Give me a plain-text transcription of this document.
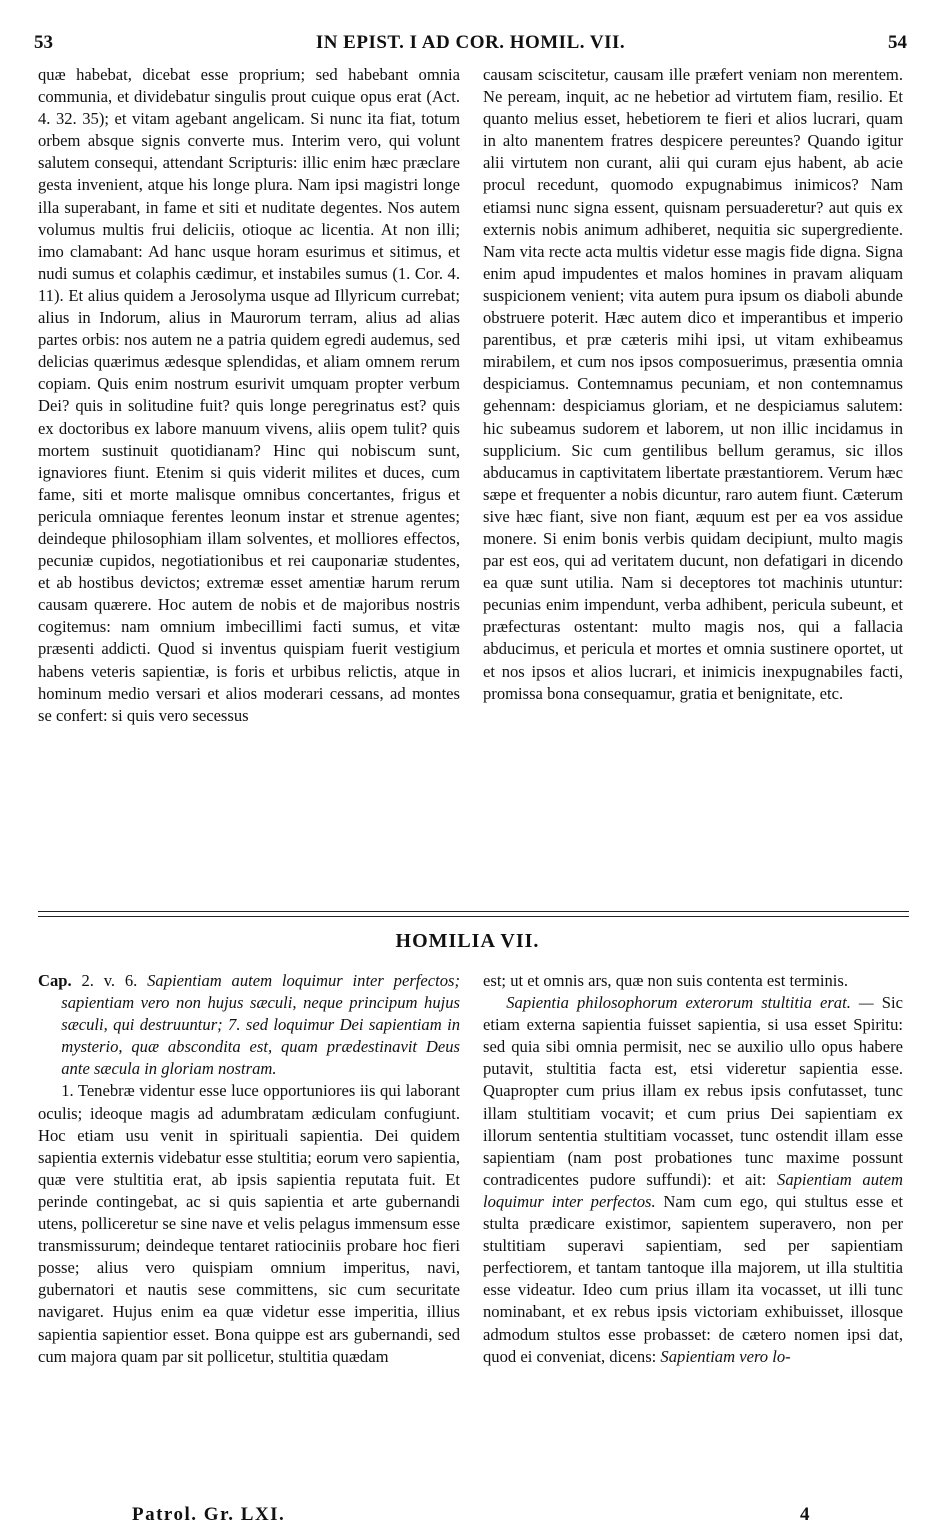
53	IN EPIST. I AD COR. HOMIL. VII.	54

quæ habebat, dicebat esse proprium; sed habebant omnia communia, et dividebatur singulis prout cuique opus erat (Act. 4. 32. 35); et vitam agebant angelicam. Si nunc ita fiat, totum orbem absque signis converte mus. Interim vero, qui volunt salutem consequi, attendant Scripturis: illic enim hæc præclare gesta invenient, atque his longe plura. Nam ipsi magistri longe illa superabant, in fame et siti et nuditate degentes. Nos autem volumus multis frui deliciis, otioque ac licentia. At non illi; imo clamabant: Ad hanc usque horam esurimus et sitimus, et nudi sumus et colaphis cædimur, et instabiles sumus (1. Cor. 4. 11). Et alius quidem a Jerosolyma usque ad Illyricum currebat; alius in Indorum, alius in Maurorum terram, alius ad alias partes orbis: nos autem ne a patria quidem egredi audemus, sed delicias quærimus ædesque splendidas, et aliam omnem rerum copiam. Quis enim nostrum esurivit umquam propter verbum Dei? quis in solitudine fuit? quis longe peregrinatus est? quis ex doctoribus ex labore manuum vivens, aliis opem tulit? quis mortem sustinuit quotidianam? Hinc qui nobiscum sunt, ignaviores fiunt. Etenim si quis viderit milites et duces, cum fame, siti et morte malisque omnibus concertantes, frigus et pericula omniaque ferentes leonum instar et strenue agentes; deindeque philosophiam illam solventes, et molliores effectos, pecuniæ cupidos, negotiationibus et rei cauponariæ studentes, et ab hostibus devictos; extremæ esset amentiæ harum rerum causam quærere. Hoc autem de nobis et de majoribus nostris cogitemus: nam omnium imbecillimi facti sumus, et vitæ præsenti addicti. Quod si inventus quispiam fuerit vestigium habens veteris sapientiæ, is foris et urbibus relictis, atque in hominum medio versari et alios moderari cessans, ad montes se confert: si quis vero secessus

causam sciscitetur, causam ille præfert veniam non merentem. Ne peream, inquit, ac ne hebetior ad virtutem fiam, resilio. Et quanto melius esset, hebetiorem te fieri et alios lucrari, quam in alto manentem fratres despicere pereuntes? Quando igitur alii virtutem non curant, alii qui curam ejus habent, ab acie procul recedunt, quomodo expugnabimus inimicos? Nam etiamsi nunc signa essent, quisnam persuaderetur? aut quis ex externis nobis animum adhiberet, nequitia sic supergrediente. Nam vita recte acta multis videtur esse magis fide digna. Signa enim apud impudentes et malos homines in pravam aliquam suspicionem venient; vita autem pura ipsum os diaboli abunde obstruere poterit. Hæc autem dico et imperantibus et imperio parentibus, et præ cæteris mihi ipsi, ut vitam exhibeamus mirabilem, et cum nos ipsos composuerimus, præsentia omnia despiciamus. Contemnamus pecuniam, et non contemnamus gehennam: despiciamus gloriam, et ne despiciamus salutem: hic subeamus sudorem et laborem, ut non illic incidamus in supplicium. Sic cum gentilibus bellum geramus, sic illos abducamus in captivitatem libertate præstantiorem. Verum hæc sæpe et frequenter a nobis dicuntur, raro autem fiunt. Cæterum sive hæc fiant, sive non fiant, æquum est per ea vos assidue monere. Si enim bonis verbis quidam decipiunt, multo magis par est eos, qui ad veritatem ducunt, non defatigari in dicendo ea quæ sunt utilia. Nam si deceptores tot machinis utuntur: pecunias enim impendunt, verba adhibent, pericula subeunt, et præfecturas ostentant: multo magis nos, qui a fallacia abducimus, et pericula et mortes et omnia sustinere oportet, ut et nos ipsos et alios lucrari, et inimicis inexpugnabiles facti, promissa bona consequamur, gratia et benignitate, etc.

HOMILIA VII.

Cap. 2. v. 6. Sapientiam autem loquimur inter perfectos; sapientiam vero non hujus sæculi, neque principum hujus sæculi, qui destruuntur; 7. sed loquimur Dei sapientiam in mysterio, quæ abscondita est, quam prædestinavit Deus ante sæcula in gloriam nostram.

1. Tenebræ videntur esse luce opportuniores iis qui laborant oculis; ideoque magis ad adumbratam ædiculam confugiunt. Hoc etiam usu venit in spirituali sapientia. Dei quidem sapientia externis videbatur esse stultitia; eorum vero sapientia, quæ vere stultitia erat, ab ipsis sapientia reputata fuit. Et perinde contingebat, ac si quis sapientia et arte gubernandi utens, polliceretur se sine nave et velis pelagus immensum esse transmissurum; deindeque tentaret ratiociniis probare hoc fieri posse; alius vero quispiam omnium imperitus, navi, gubernatori et nautis sese committens, sic cum securitate navigaret. Hujus enim ea quæ videtur esse imperitia, illius sapientia sapientior esset. Bona quippe est ars gubernandi, sed cum majora quam par sit pollicetur, stultitia quædam

est; ut et omnis ars, quæ non suis contenta est terminis.

Sapientia philosophorum exterorum stultitia erat. — Sic etiam externa sapientia fuisset sapientia, si usa esset Spiritu: sed quia sibi omnia permisit, nec se auxilio ullo opus habere putavit, stultitia facta est, etsi videretur sapientia esse. Quapropter cum prius illam ex rebus ipsis confutasset, tunc illam stultitiam vocavit; et cum prius Dei sapientiam ex illorum sententia stultitiam vocasset, tunc ostendit illam esse sapientiam (nam post probationes tunc maxime possunt contradicentes pudore suffundi): et ait: Sapientiam autem loquimur inter perfectos. Nam cum ego, qui stultus esse et stulta prædicare existimor, sapientem superavero, non per stultitiam superavi sapientiam, sed per sapientiam perfectiorem, et tantam tantoque illa majorem, ut illa stultitia esse videatur. Ideo cum prius illam ita vocasset, ut illi tunc nominabant, et ex rebus ipsis victoriam exhibuisset, illosque admodum stultos esse probasset: de cætero nomen ipsi dat, quod ei conveniat, dicens: Sapientiam vero lo-

Patrol. Gr. LXI.	4
